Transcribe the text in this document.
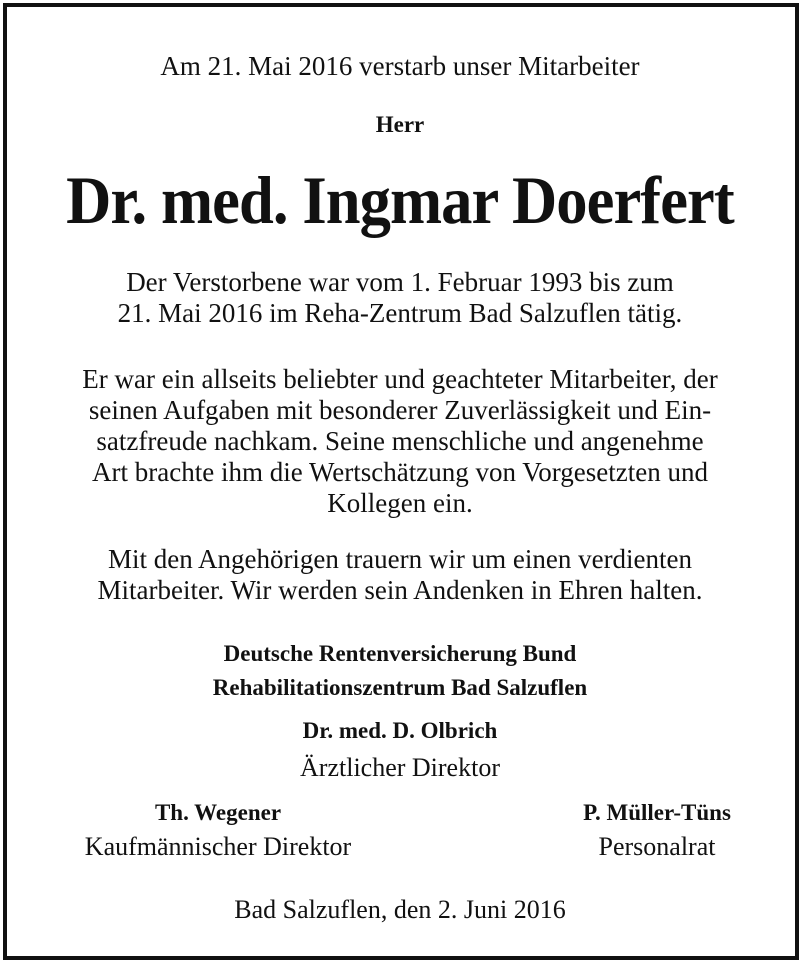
Am 21. Mai 2016 verstarb unser Mitarbeiter
Herr
Dr. med. Ingmar Doerfert
Der Verstorbene war vom 1. Februar 1993 bis zum
21. Mai 2016 im Reha-Zentrum Bad Salzuflen tätig.
Er war ein allseits beliebter und geachteter Mitarbeiter, der
seinen Aufgaben mit besonderer Zuverlässigkeit und Ein-
satzfreude nachkam. Seine menschliche und angenehme
Art brachte ihm die Wertschätzung von Vorgesetzten und
Kollegen ein.
Mit den Angehörigen trauern wir um einen verdienten
Mitarbeiter. Wir werden sein Andenken in Ehren halten.
Deutsche Rentenversicherung Bund
Rehabilitationszentrum Bad Salzuflen
Dr. med. D. Olbrich
Ärztlicher Direktor
Th. Wegener
Kaufmännischer Direktor
P. Müller-Tüns
Personalrat
Bad Salzuflen, den 2. Juni 2016
